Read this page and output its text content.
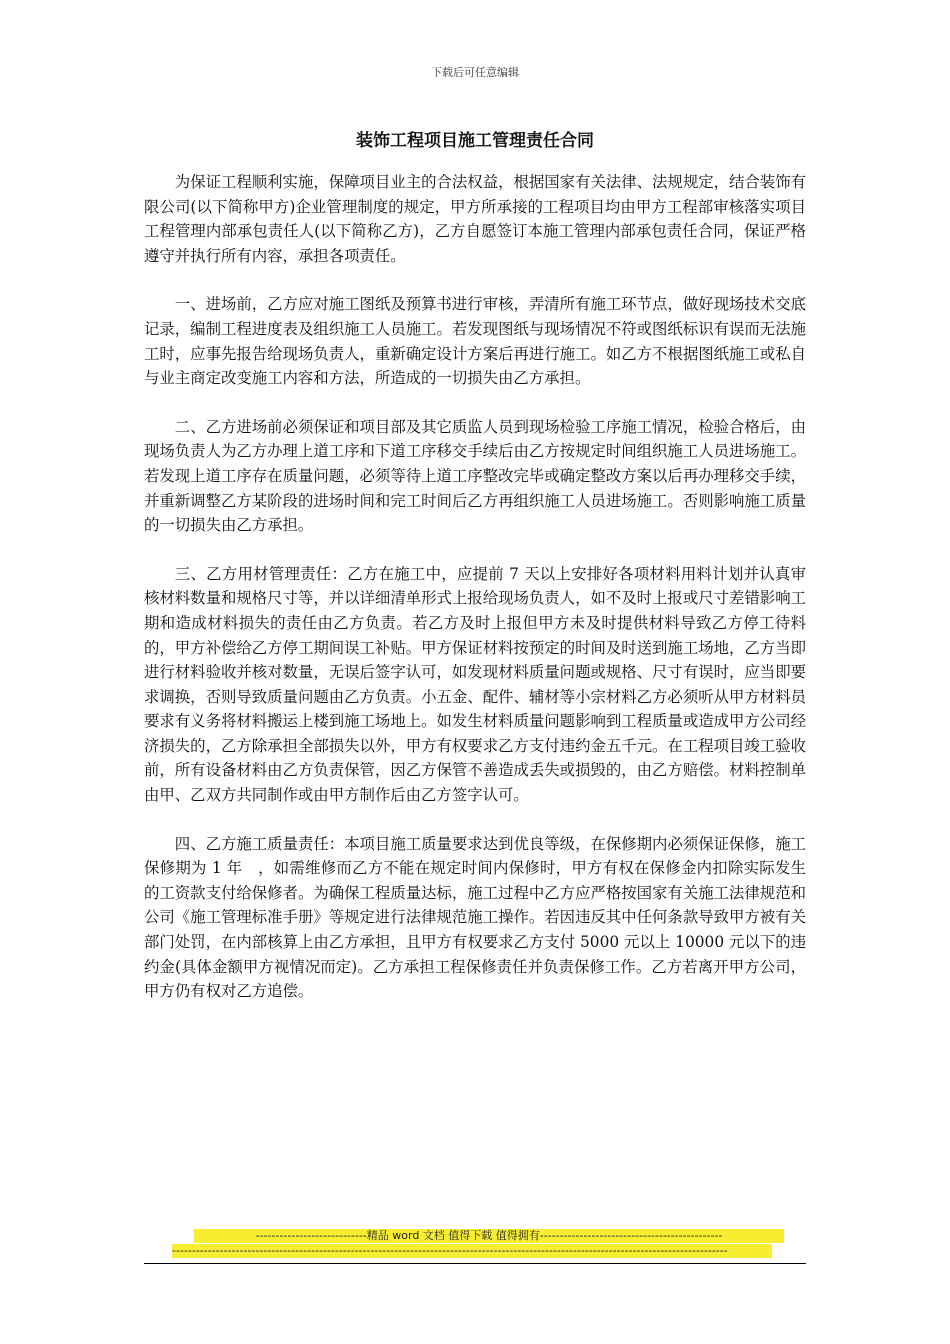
下载后可任意编辑
装饰工程项目施工管理责任合同

为保证工程顺利实施，保障项目业主的合法权益，根据国家有关法律、法规规定，结合装饰有限公司(以下简称甲方)企业管理制度的规定，甲方所承接的工程项目均由甲方工程部审核落实项目工程管理内部承包责任人(以下简称乙方)，乙方自愿签订本施工管理内部承包责任合同，保证严格遵守并执行所有内容，承担各项责任。

一、进场前，乙方应对施工图纸及预算书进行审核，弄清所有施工环节点，做好现场技术交底记录，编制工程进度表及组织施工人员施工。若发现图纸与现场情况不符或图纸标识有误而无法施工时，应事先报告给现场负责人，重新确定设计方案后再进行施工。如乙方不根据图纸施工或私自与业主商定改变施工内容和方法，所造成的一切损失由乙方承担。

二、乙方进场前必须保证和项目部及其它质监人员到现场检验工序施工情况，检验合格后，由现场负责人为乙方办理上道工序和下道工序移交手续后由乙方按规定时间组织施工人员进场施工。若发现上道工序存在质量问题，必须等待上道工序整改完毕或确定整改方案以后再办理移交手续，并重新调整乙方某阶段的进场时间和完工时间后乙方再组织施工人员进场施工。否则影响施工质量的一切损失由乙方承担。

三、乙方用材管理责任：乙方在施工中，应提前 7 天以上安排好各项材料用料计划并认真审核材料数量和规格尺寸等，并以详细清单形式上报给现场负责人，如不及时上报或尺寸差错影响工期和造成材料损失的责任由乙方负责。若乙方及时上报但甲方未及时提供材料导致乙方停工待料的，甲方补偿给乙方停工期间误工补贴。甲方保证材料按预定的时间及时送到施工场地，乙方当即进行材料验收并核对数量，无误后签字认可，如发现材料质量问题或规格、尺寸有误时，应当即要求调换，否则导致质量问题由乙方负责。小五金、配件、辅材等小宗材料乙方必须听从甲方材料员要求有义务将材料搬运上楼到施工场地上。如发生材料质量问题影响到工程质量或造成甲方公司经济损失的，乙方除承担全部损失以外，甲方有权要求乙方支付违约金五千元。在工程项目竣工验收前，所有设备材料由乙方负责保管，因乙方保管不善造成丢失或损毁的，由乙方赔偿。材料控制单由甲、乙双方共同制作或由甲方制作后由乙方签字认可。

四、乙方施工质量责任：本项目施工质量要求达到优良等级，在保修期内必须保证保修，施工保修期为 1 年　，如需维修而乙方不能在规定时间内保修时，甲方有权在保修金内扣除实际发生的工资款支付给保修者。为确保工程质量达标，施工过程中乙方应严格按国家有关施工法律规范和公司《施工管理标准手册》等规定进行法律规范施工操作。若因违反其中任何条款导致甲方被有关部门处罚，在内部核算上由乙方承担，且甲方有权要求乙方支付 5000 元以上 10000 元以下的违约金(具体金额甲方视情况而定)。乙方承担工程保修责任并负责保修工作。乙方若离开甲方公司，甲方仍有权对乙方追偿。

----------------------------精品 word 文档 值得下载 值得拥有----------------------------------------------
--------------------------------------------------------------------------------------------------------------------------------------------
